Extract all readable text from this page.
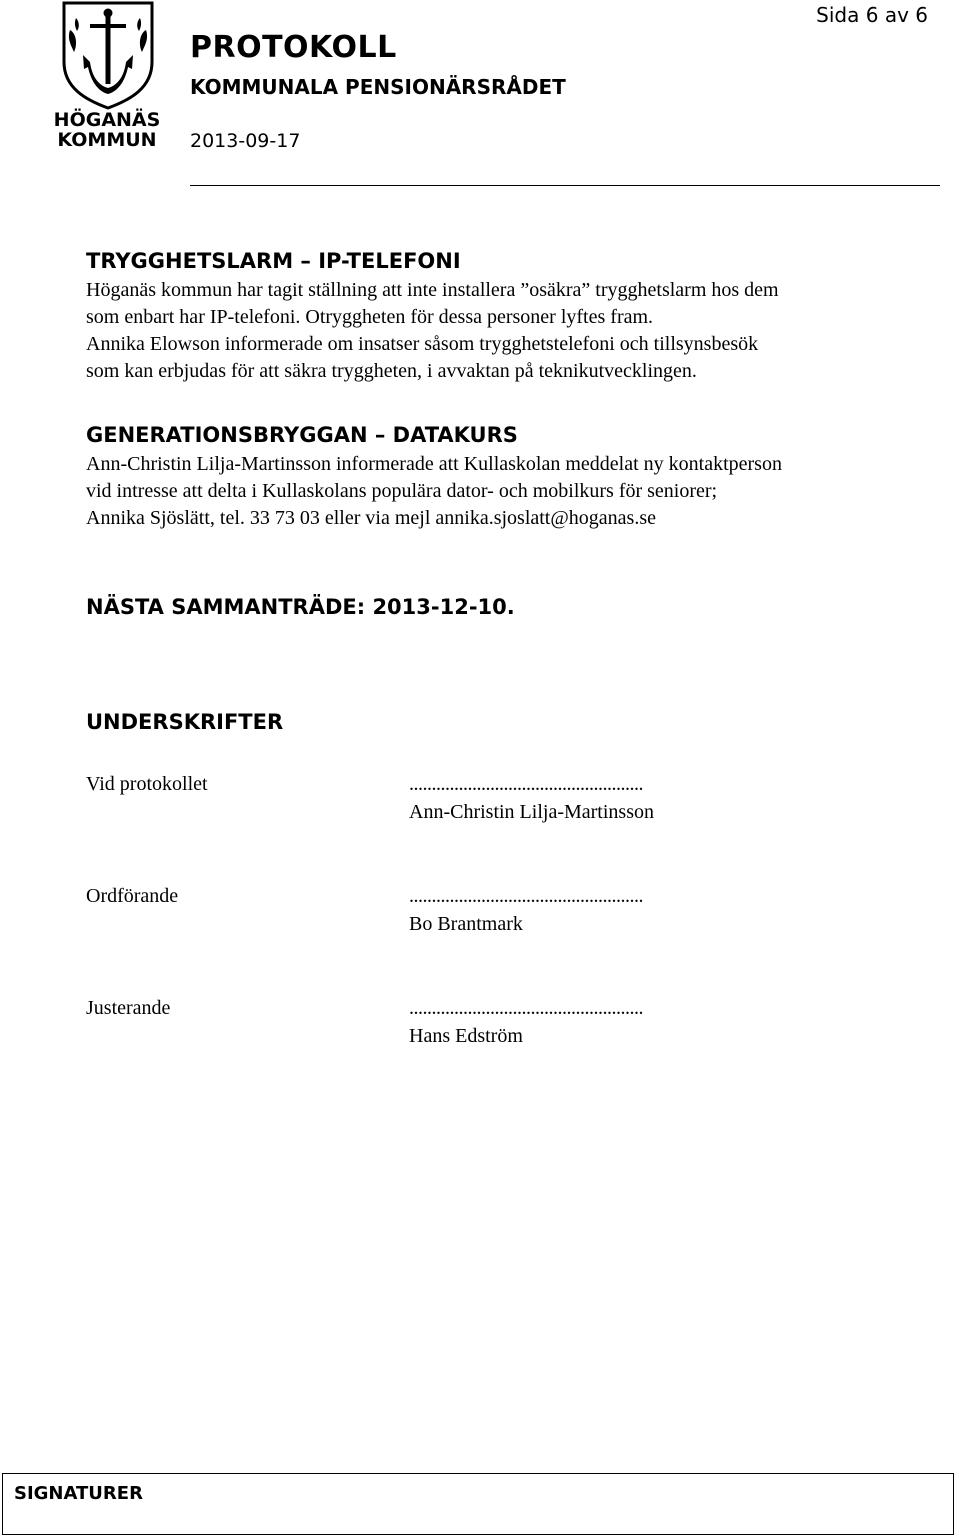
HÖGANÄS
KOMMUN
Sida 6 av 6
PROTOKOLL
KOMMUNALA PENSIONÄRSRÅDET
2013-09-17
TRYGGHETSLARM – IP-TELEFONI
Höganäs kommun har tagit ställning att inte installera ”osäkra” trygghetslarm hos dem
som enbart har IP-telefoni. Otryggheten för dessa personer lyftes fram.
Annika Elowson informerade om insatser såsom trygghetstelefoni och tillsynsbesök
som kan erbjudas för att säkra tryggheten, i avvaktan på teknikutvecklingen.
GENERATIONSBRYGGAN – DATAKURS
Ann-Christin Lilja-Martinsson informerade att Kullaskolan meddelat ny kontaktperson
vid intresse att delta i Kullaskolans populära dator- och mobilkurs för seniorer;
Annika Sjöslätt, tel. 33 73 03 eller via mejl annika.sjoslatt@hoganas.se
NÄSTA SAMMANTRÄDE: 2013-12-10.
UNDERSKRIFTER
Vid protokollet	....................................................
Ann-Christin Lilja-Martinsson
Ordförande	....................................................
Bo Brantmark
Justerande	....................................................
Hans Edström
SIGNATURER
